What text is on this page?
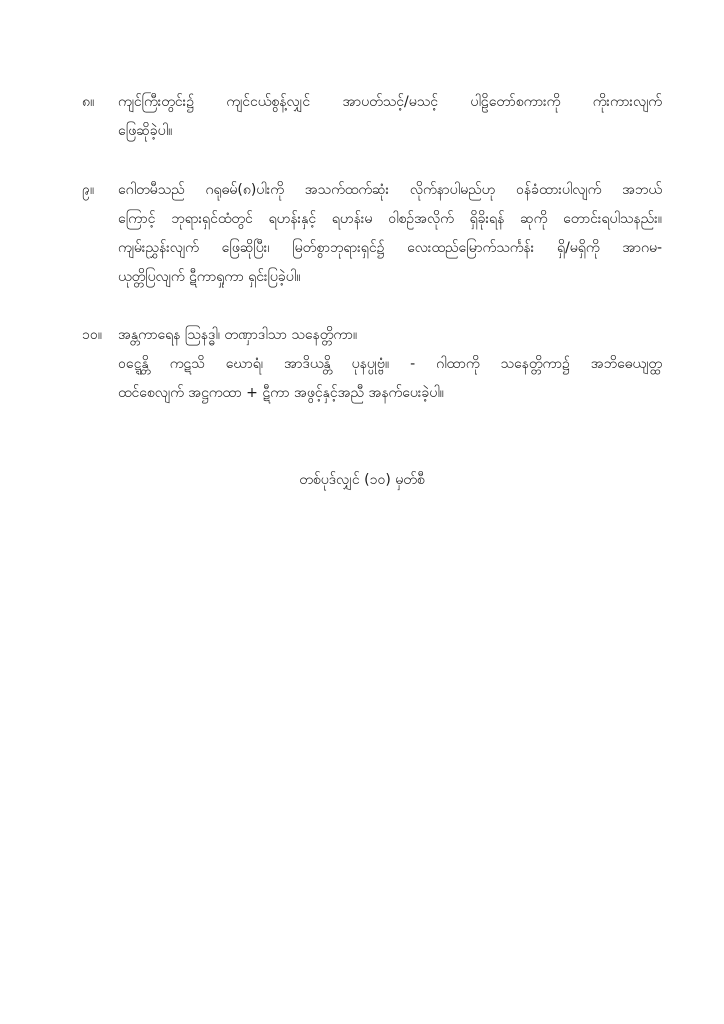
၈။	ကျင်ကြီးတွင်း၌ ကျင်ငယ်စွန့်လျှင် အာပတ်သင့်/မသင့် ပါဠိတော်စကားကို ကိုးကားလျက်
ဖြေဆိုခဲ့ပါ။
၉။	ဂေါတမီသည် ဂရုဓမ်(၈)ပါးကို အသက်ထက်ဆုံး လိုက်နာပါမည်ဟု ဝန်ခံထားပါလျက် အဘယ်
ကြောင့် ဘုရားရှင်ထံတွင် ရဟန်းနှင့် ရဟန်းမ ဝါစဉ်အလိုက် ရှိခိုးရန် ဆုကို တောင်းရပါသနည်း။
ကျမ်းညွှန်းလျက် ဖြေဆိုပြီး၊ မြတ်စွာဘုရားရှင်၌ လေးထည်မြောက်သင်္ကန်း ရှိ/မရှိကို အာဂမ-
ယုတ္တိပြလျက် ဋီကာရှုကာ ရှင်းပြခဲ့ပါ။
၁၀။	အန္တကာရေန သြနဒ္ဓါ၊ တဏှာဒါသာ သနေတ္တိကာ။
ဝဋ္ဋေန္တိ ကဋသိ ဃောရံ၊ အာဒိယန္တိ ပုနပ္ပုဗ္ဗံ။ - ဂါထာကို သနေတ္တိကာ၌ အဘိဓေယျတ္ထ
ထင်စေလျက် အဋ္ဌကထာ + ဋီကာ အဖွင့်နှင့်အညီ အနက်ပေးခဲ့ပါ။
တစ်ပုဒ်လျှင် (၁၀) မှတ်စီ
